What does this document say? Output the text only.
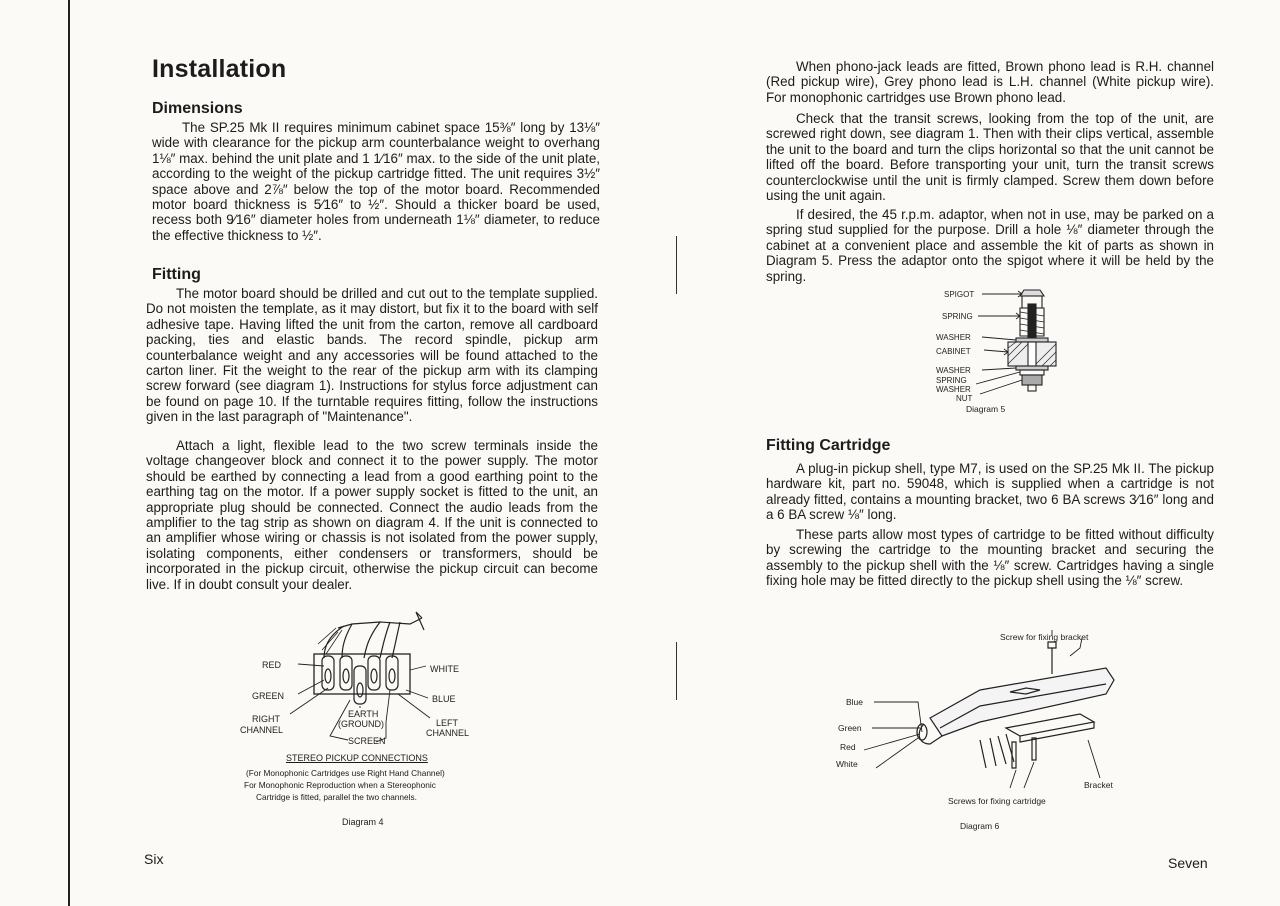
Installation
Dimensions

The SP.25 Mk II requires minimum cabinet space 15⅜″ long by 13⅛″ wide with clearance for the pickup arm counterbalance weight to overhang 1⅛″ max. behind the unit plate and 1 1⁄16″ max. to the side of the unit plate, according to the weight of the pickup cartridge fitted. The unit requires 3½″ space above and 2⅞″ below the top of the motor board. Recommended motor board thickness is 5⁄16″ to ½″. Should a thicker board be used, recess both 9⁄16″ diameter holes from underneath 1⅛″ diameter, to reduce the effective thickness to ½″.

Fitting

The motor board should be drilled and cut out to the template supplied. Do not moisten the template, as it may distort, but fix it to the board with self adhesive tape. Having lifted the unit from the carton, remove all cardboard packing, ties and elastic bands. The record spindle, pickup arm counterbalance weight and any accessories will be found attached to the carton liner. Fit the weight to the rear of the pickup arm with its clamping screw forward (see diagram 1). Instructions for stylus force adjustment can be found on page 10. If the turntable requires fitting, follow the instructions given in the last paragraph of "Maintenance".

Attach a light, flexible lead to the two screw terminals inside the voltage changeover block and connect it to the power supply. The motor should be earthed by connecting a lead from a good earthing point to the earthing tag on the motor. If a power supply socket is fitted to the unit, an appropriate plug should be connected. Connect the audio leads from the amplifier to the tag strip as shown on diagram 4. If the unit is connected to an amplifier whose wiring or chassis is not isolated from the power supply, isolating components, either condensers or transformers, should be incorporated in the pickup circuit, otherwise the pickup circuit can become live. If in doubt consult your dealer.

RED
GREEN
RIGHT
CHANNEL
WHITE
BLUE
LEFT
CHANNEL
EARTH
(GROUND)
SCREEN
STEREO PICKUP CONNECTIONS
(For Monophonic Cartridges use Right Hand Channel)
For Monophonic Reproduction when a Stereophonic
Cartridge is fitted, parallel the two channels.
Diagram 4
Six

When phono-jack leads are fitted, Brown phono lead is R.H. channel (Red pickup wire), Grey phono lead is L.H. channel (White pickup wire). For monophonic cartridges use Brown phono lead.

Check that the transit screws, looking from the top of the unit, are screwed right down, see diagram 1. Then with their clips vertical, assemble the unit to the board and turn the clips horizontal so that the unit cannot be lifted off the board. Before transporting your unit, turn the transit screws counterclockwise until the unit is firmly clamped. Screw them down before using the unit again.

If desired, the 45 r.p.m. adaptor, when not in use, may be parked on a spring stud supplied for the purpose. Drill a hole ⅛″ diameter through the cabinet at a convenient place and assemble the kit of parts as shown in Diagram 5. Press the adaptor onto the spigot where it will be held by the spring.

SPIGOT
SPRING
WASHER
CABINET
WASHER
SPRING
WASHER
NUT
Diagram 5
Fitting Cartridge

A plug-in pickup shell, type M7, is used on the SP.25 Mk II. The pickup hardware kit, part no. 59048, which is supplied when a cartridge is not already fitted, contains a mounting bracket, two 6 BA screws 3⁄16″ long and a 6 BA screw ⅛″ long.

These parts allow most types of cartridge to be fitted without difficulty by screwing the cartridge to the mounting bracket and securing the assembly to the pickup shell with the ⅛″ screw. Cartridges having a single fixing hole may be fitted directly to the pickup shell using the ⅛″ screw.

Screw for fixing bracket
Blue
Green
Red
White
Bracket
Screws for fixing cartridge
Diagram 6
Seven
